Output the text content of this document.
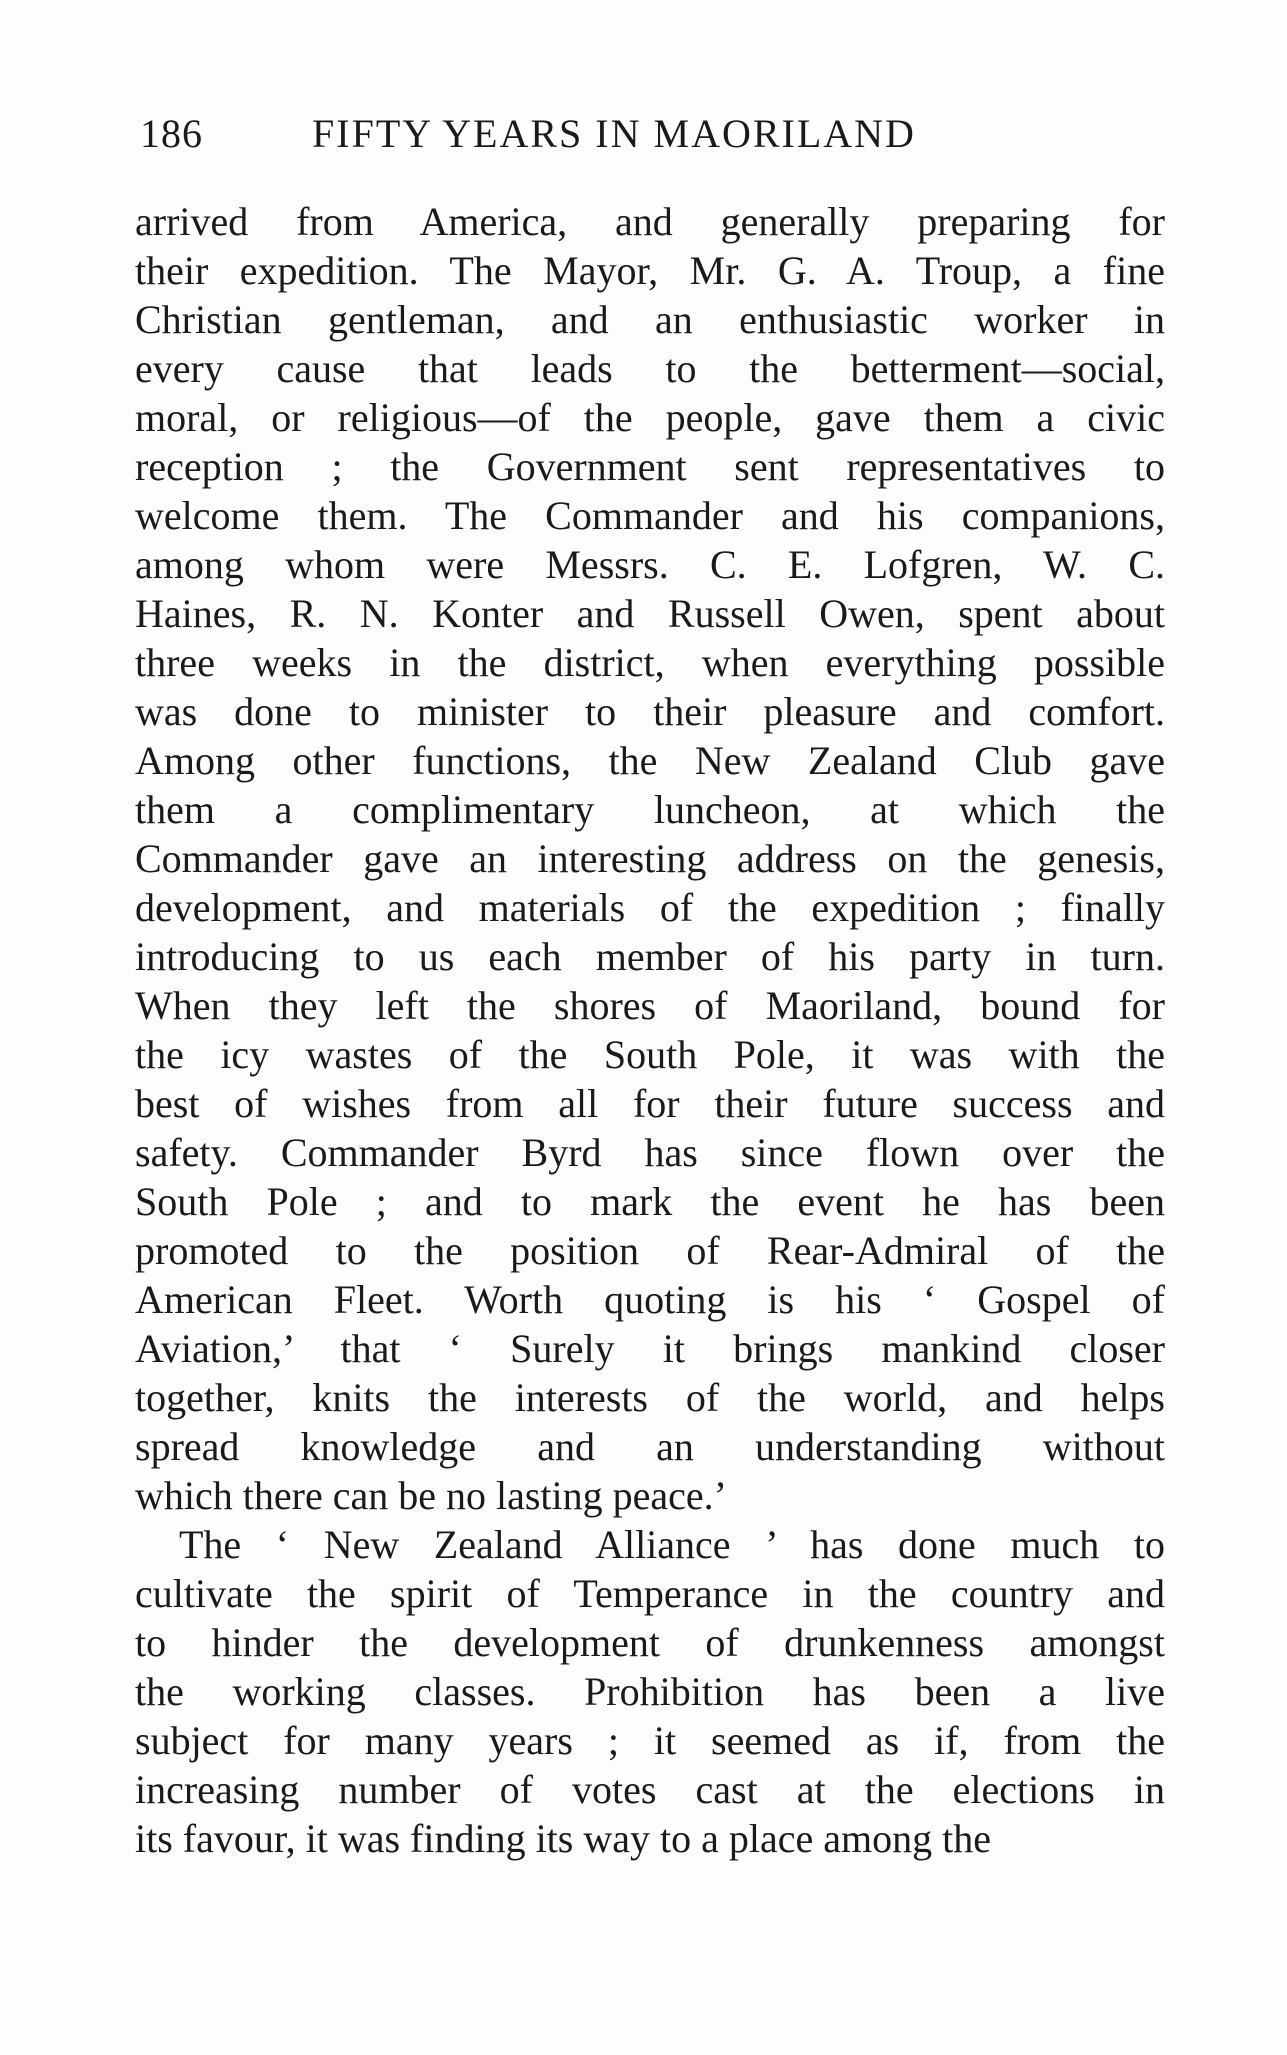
186	FIFTY YEARS IN MAORILAND
arrived from America, and generally preparing for
their expedition. The Mayor, Mr. G. A. Troup, a fine
Christian gentleman, and an enthusiastic worker in
every cause that leads to the betterment—social,
moral, or religious—of the people, gave them a civic
reception ; the Government sent representatives to
welcome them. The Commander and his companions,
among whom were Messrs. C. E. Lofgren, W. C.
Haines, R. N. Konter and Russell Owen, spent about
three weeks in the district, when everything possible
was done to minister to their pleasure and comfort.
Among other functions, the New Zealand Club gave
them a complimentary luncheon, at which the
Commander gave an interesting address on the genesis,
development, and materials of the expedition ; finally
introducing to us each member of his party in turn.
When they left the shores of Maoriland, bound for
the icy wastes of the South Pole, it was with the
best of wishes from all for their future success and
safety. Commander Byrd has since flown over the
South Pole ; and to mark the event he has been
promoted to the position of Rear-Admiral of the
American Fleet. Worth quoting is his ‘ Gospel of
Aviation,’ that ‘ Surely it brings mankind closer
together, knits the interests of the world, and helps
spread knowledge and an understanding without
which there can be no lasting peace.’
The ‘ New Zealand Alliance ’ has done much to
cultivate the spirit of Temperance in the country and
to hinder the development of drunkenness amongst
the working classes. Prohibition has been a live
subject for many years ; it seemed as if, from the
increasing number of votes cast at the elections in
its favour, it was finding its way to a place among the
